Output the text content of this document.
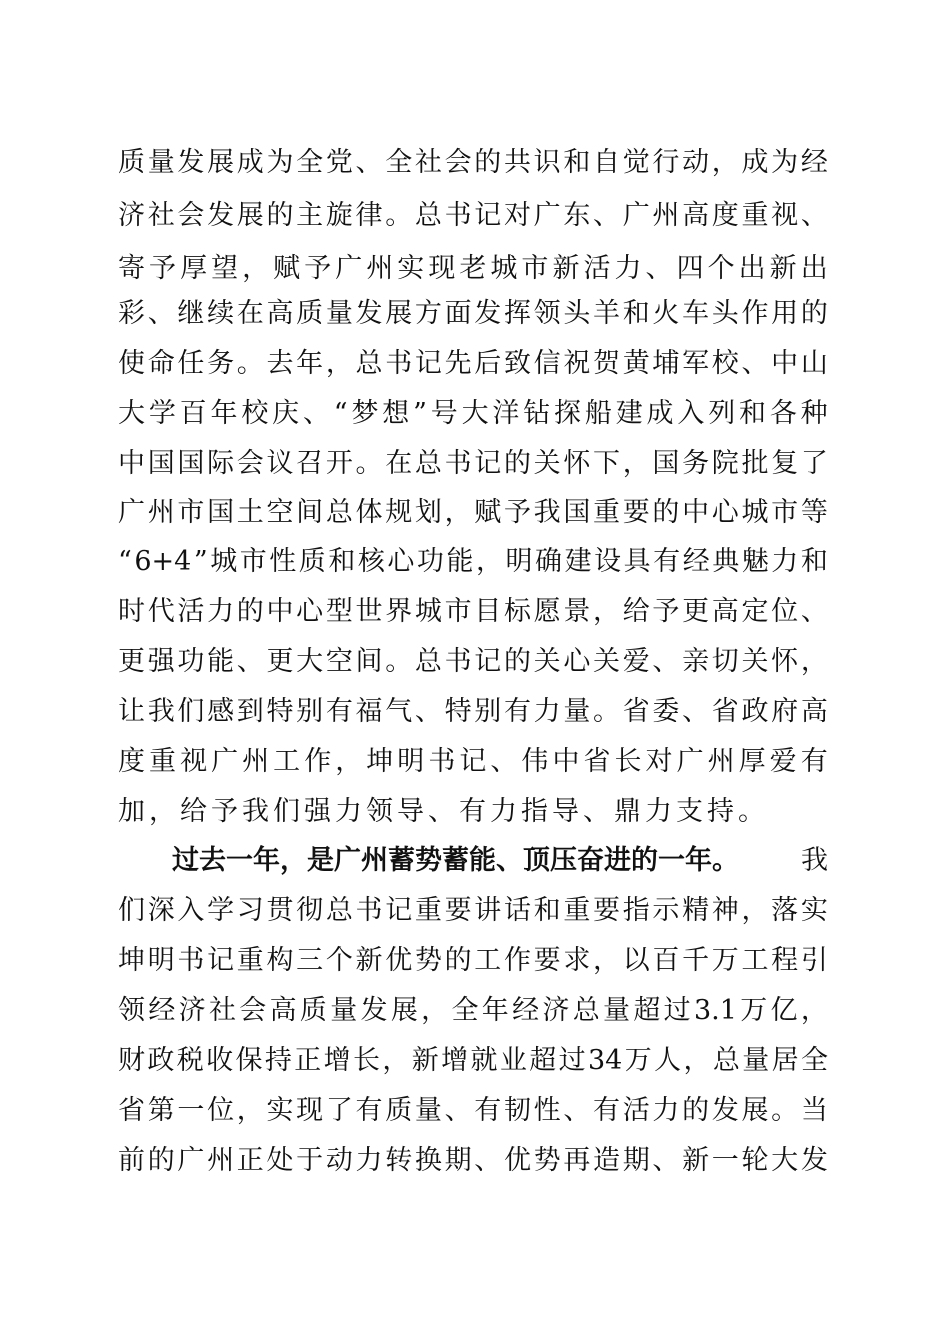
质 量 发 展 成 为 全 党 、 全 社 会 的 共 识 和 自 觉 行 动 ， 成 为 经
济 社 会 发 展 的 主 旋 律 。 总 书 记 对 广 东 、 广 州 高 度 重 视 、
寄 予 厚 望 ， 赋 予 广 州 实 现 老 城 市 新 活 力 、 四 个 出 新 出
彩 、 继 续 在 高 质 量 发 展 方 面 发 挥 领 头 羊 和 火 车 头 作 用 的
使 命 任 务 。 去 年 ， 总 书 记 先 后 致 信 祝 贺 黄 埔 军 校 、 中 山
大 学 百 年 校 庆 、 “ 梦 想 ” 号 大 洋 钻 探 船 建 成 入 列 和 各 种
中 国 国 际 会 议 召 开 。 在 总 书 记 的 关 怀 下 ， 国 务 院 批 复 了
广 州 市 国 土 空 间 总 体 规 划 ， 赋 予 我 国 重 要 的 中 心 城 市 等
“ 6+4 ” 城 市 性 质 和 核 心 功 能 ， 明 确 建 设 具 有 经 典 魅 力 和
时 代 活 力 的 中 心 型 世 界 城 市 目 标 愿 景 ， 给 予 更 高 定 位 、
更 强 功 能 、 更 大 空 间 。 总 书 记 的 关 心 关 爱 、 亲 切 关 怀 ，
让 我 们 感 到 特 别 有 福 气 、 特 别 有 力 量 。 省 委 、 省 政 府 高
度 重 视 广 州 工 作 ， 坤 明 书 记 、 伟 中 省 长 对 广 州 厚 爱 有
加，给予我们强力领导、有力指导、鼎力支持。
过去一年，是广州蓄势蓄能、顶压奋进的一年。 我
们 深 入 学 习 贯 彻 总 书 记 重 要 讲 话 和 重 要 指 示 精 神 ， 落 实
坤 明 书 记 重 构 三 个 新 优 势 的 工 作 要 求 ， 以 百 千 万 工 程 引
领 经 济 社 会 高 质 量 发 展 ， 全 年 经 济 总 量 超 过 3.1 万 亿 ，
财 政 税 收 保 持 正 增 长 ， 新 增 就 业 超 过 34 万 人 ， 总 量 居 全
省 第 一 位 ， 实 现 了 有 质 量 、 有 韧 性 、 有 活 力 的 发 展 。 当
前 的 广 州 正 处 于 动 力 转 换 期 、 优 势 再 造 期 、 新 一 轮 大 发
